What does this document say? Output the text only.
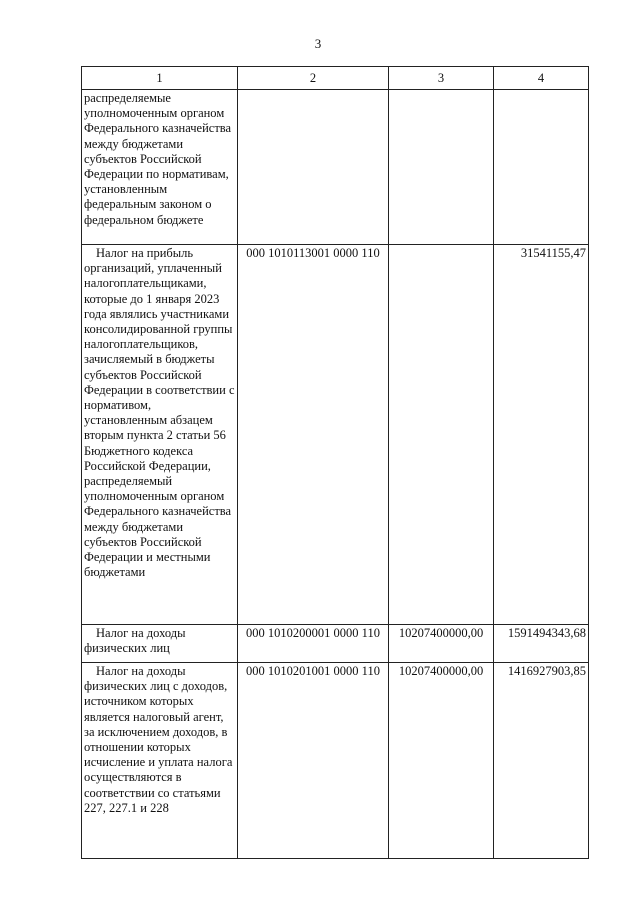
3
1	2	3	4
распределяемые уполномоченным органом Федерального казначейства между бюджетами субъектов Российской Федерации по нормативам, установленным федеральным законом о федеральном бюджете			
Налог на прибыль организаций, уплаченный налогоплательщиками, которые до 1 января 2023 года являлись участниками консолидированной группы налогоплательщиков, зачисляемый в бюджеты субъектов Российской Федерации в соответствии с нормативом, установленным абзацем вторым пункта 2 статьи 56 Бюджетного кодекса Российской Федерации, распределяемый уполномоченным органом Федерального казначейства между бюджетами субъектов Российской Федерации и местными бюджетами	000 1010113001 0000 110		31541155,47
Налог на доходы физических лиц	000 1010200001 0000 110	10207400000,00	1591494343,68
Налог на доходы физических лиц с доходов, источником которых является налоговый агент, за исключением доходов, в отношении которых исчисление и уплата налога осуществляются в соответствии со статьями 227, 227.1 и 228	000 1010201001 0000 110	10207400000,00	1416927903,85
